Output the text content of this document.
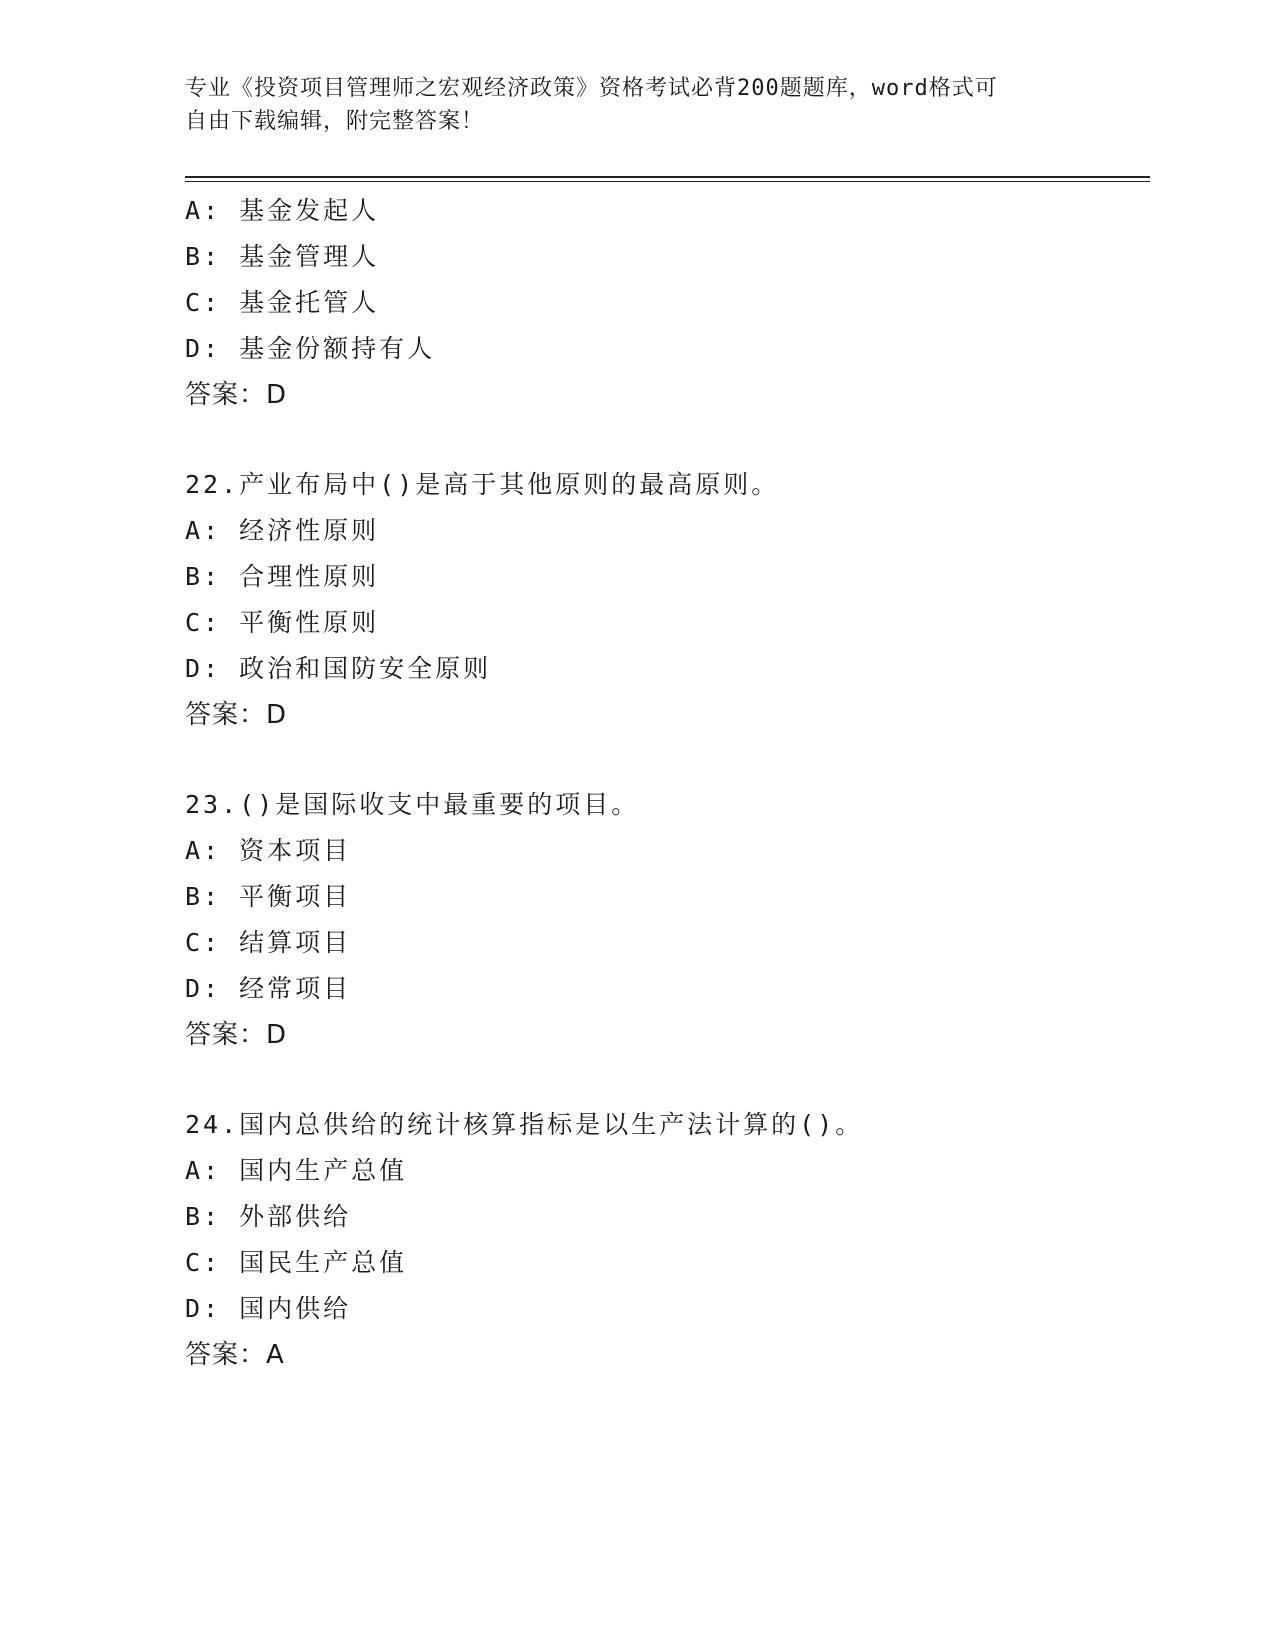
专业《投资项目管理师之宏观经济政策》资格考试必背200题题库，word格式可
自由下载编辑，附完整答案！
A: 基金发起人
B: 基金管理人
C: 基金托管人
D: 基金份额持有人
答案：D
22.产业布局中()是高于其他原则的最高原则。
A: 经济性原则
B: 合理性原则
C: 平衡性原则
D: 政治和国防安全原则
答案：D
23.()是国际收支中最重要的项目。
A: 资本项目
B: 平衡项目
C: 结算项目
D: 经常项目
答案：D
24.国内总供给的统计核算指标是以生产法计算的()。
A: 国内生产总值
B: 外部供给
C: 国民生产总值
D: 国内供给
答案：A
